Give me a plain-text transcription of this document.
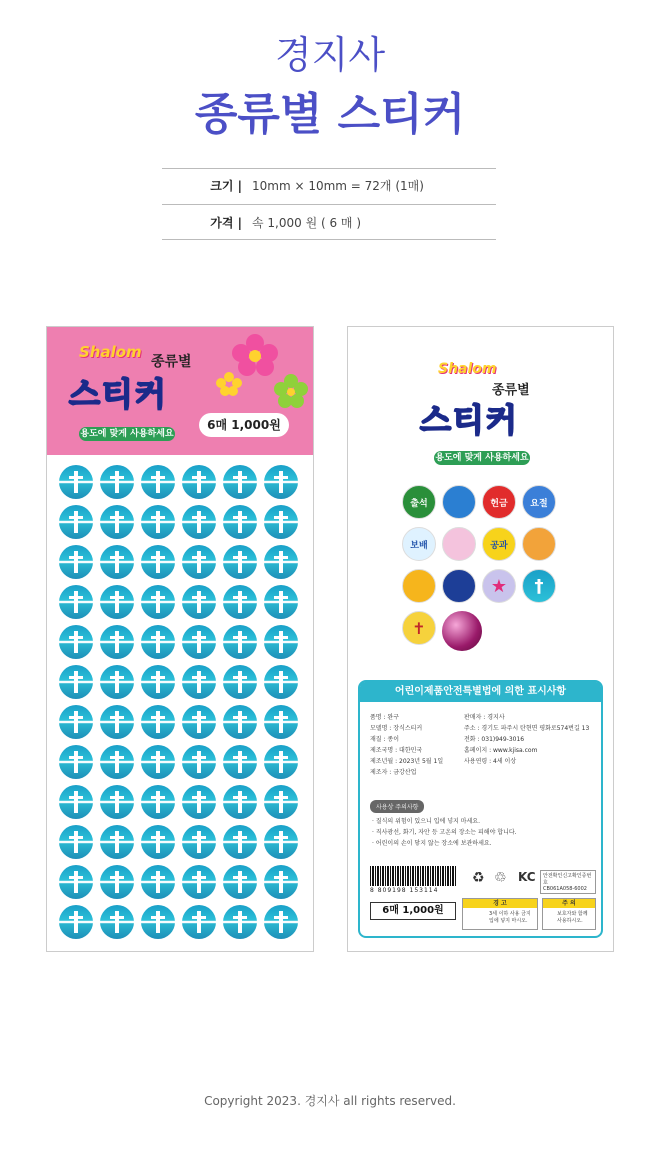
경지사
종류별 스티커
크기 | 10mm × 10mm = 72개 (1매)
가격 | 속 1,000 원 ( 6 매 )
Shalom
종류별
스티커
6매 1,000원
용도에 맞게 사용하세요
Shalom
종류별
스티커
용도에 맞게 사용하세요
출석	헌금	요절
보배	공과
★	†
✝
어린이제품안전특별법에 의한 표시사항
품명 : 완구
모델명 : 장식스티커
재질 : 종이
제조국명 : 대한민국
제조년월 : 2023년 5월 1일
제조자 : 금강산업
판매자 : 경지사
주소 : 경기도 파주시 탄현면 평화로574번길 13
전화 : 031)949-3016
홈페이지 : www.kjisa.com
사용연령 : 4세 이상
사용상 주의사항
· 질식의 위험이 있으니 입에 넣지 마세요.
· 직사광선, 화기, 자안 등 고온의 장소는 피해야 합니다.
· 어린이의 손이 닿지 않는 장소에 보관하세요.
8 809198 153114
6매 1,000원
♻ ♲ KC 안전확인신고확인증번호
CB061A058-6002
경 고
3세 이하 사용 금지 입에 넣지 마시오.
주 의
보호자와 함께 사용하시오.
Copyright 2023. 경지사 all rights reserved.
